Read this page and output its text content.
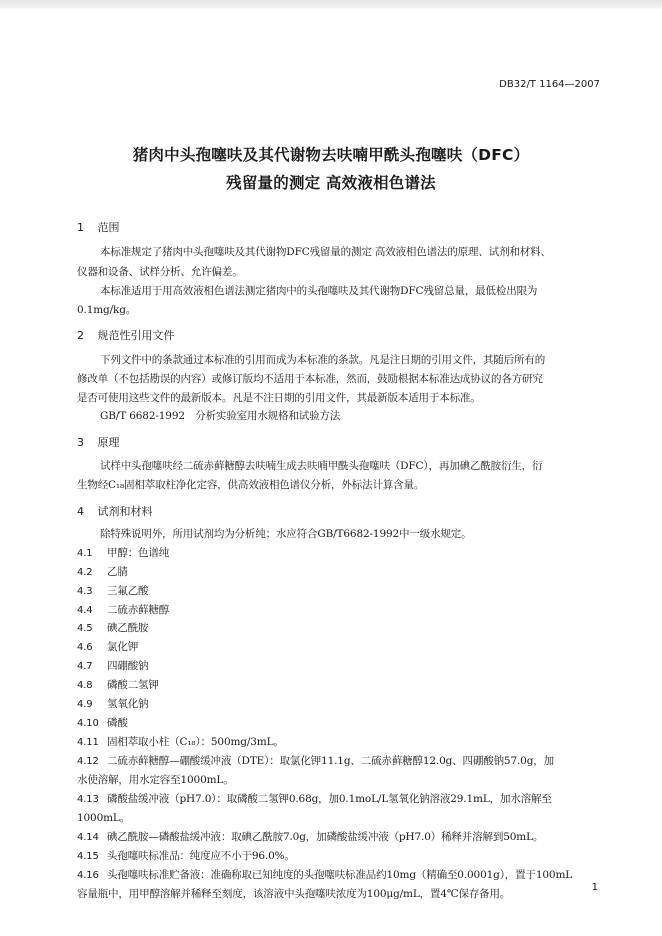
DB32/T 1164—2007
猪肉中头孢噻呋及其代谢物去呋喃甲酰头孢噻呋（DFC）
残留量的测定 高效液相色谱法
1 范围
本标准规定了猪肉中头孢噻呋及其代谢物DFC残留量的测定 高效液相色谱法的原理、试剂和材料、
仪器和设备、试样分析、允许偏差。
本标准适用于用高效液相色谱法测定猪肉中的头孢噻呋及其代谢物DFC残留总量，最低检出限为
0.1mg/kg。
2 规范性引用文件
下列文件中的条款通过本标准的引用而成为本标准的条款。凡是注日期的引用文件，其随后所有的
修改单（不包括勘误的内容）或修订版均不适用于本标准，然而，鼓励根据本标准达成协议的各方研究
是否可使用这些文件的最新版本。凡是不注日期的引用文件，其最新版本适用于本标准。
GB/T 6682-1992　分析实验室用水规格和试验方法
3 原理
试样中头孢噻呋经二硫赤藓糖醇去呋喃生成去呋喃甲酰头孢噻呋（DFC），再加碘乙酰胺衍生，衍
生物经C₁₈固相萃取柱净化定容，供高效液相色谱仪分析，外标法计算含量。
4 试剂和材料
除特殊说明外，所用试剂均为分析纯；水应符合GB/T6682-1992中一级水规定。
4.1 甲醇：色谱纯
4.2 乙腈
4.3 三氟乙酸
4.4 二硫赤藓糖醇
4.5 碘乙酰胺
4.6 氯化钾
4.7 四硼酸钠
4.8 磷酸二氢钾
4.9 氢氧化钠
4.10 磷酸
4.11 固相萃取小柱（C₁₈）：500mg/3mL。
4.12 二硫赤藓糖醇—硼酸缓冲液（DTE）：取氯化钾11.1g、二硫赤藓糖醇12.0g、四硼酸钠57.0g，加
水使溶解，用水定容至1000mL。
4.13 磷酸盐缓冲液（pH7.0）：取磷酸二氢钾0.68g，加0.1moL/L氢氧化钠溶液29.1mL，加水溶解至
1000mL。
4.14 碘乙酰胺—磷酸盐缓冲液：取碘乙酰胺7.0g，加磷酸盐缓冲液（pH7.0）稀释并溶解到50mL。
4.15 头孢噻呋标准品：纯度应不小于96.0%。
4.16 头孢噻呋标准贮备液：准确称取已知纯度的头孢噻呋标准品约10mg（精确至0.0001g），置于100mL
容量瓶中，用甲醇溶解并稀释至刻度，该溶液中头孢噻呋浓度为100μg/mL，置4℃保存备用。
1
